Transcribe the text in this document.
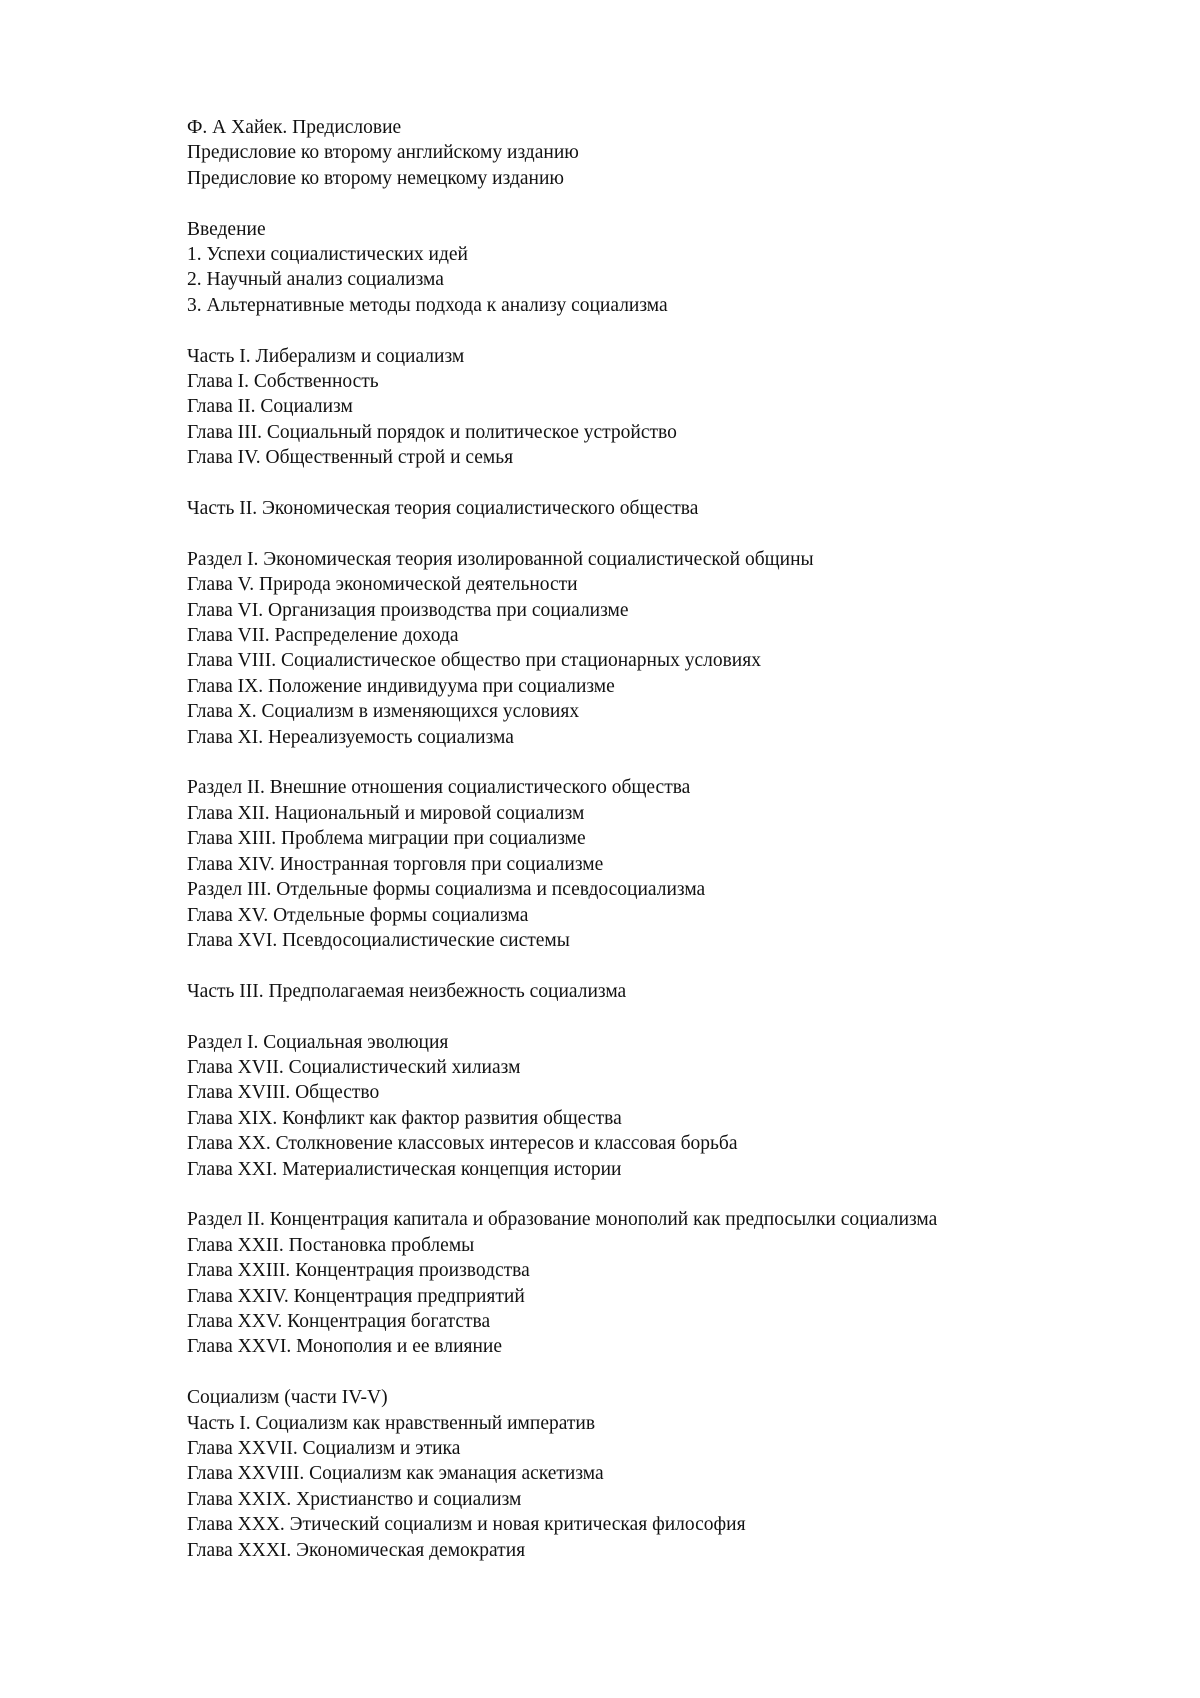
Ф. А Хайек. Предисловие
Предисловие ко второму английскому изданию
Предисловие ко второму немецкому изданию
Введение
1. Успехи социалистических идей
2. Научный анализ социализма
3. Альтернативные методы подхода к анализу социализма
Часть I. Либерализм и социализм
Глава I. Собственность
Глава II. Социализм
Глава III. Социальный порядок и политическое устройство
Глава IV. Общественный строй и семья
Часть II. Экономическая теория социалистического общества
Раздел I. Экономическая теория изолированной социалистической общины
Глава V. Природа экономической деятельности
Глава VI. Организация производства при социализме
Глава VII. Распределение дохода
Глава VIII. Социалистическое общество при стационарных условиях
Глава IX. Положение индивидуума при социализме
Глава X. Социализм в изменяющихся условиях
Глава XI. Нереализуемость социализма
Раздел II. Внешние отношения социалистического общества
Глава XII. Национальный и мировой социализм
Глава XIII. Проблема миграции при социализме
Глава XIV. Иностранная торговля при социализме
Раздел III. Отдельные формы социализма и псевдосоциализма
Глава XV. Отдельные формы социализма
Глава XVI. Псевдосоциалистические системы
Часть III. Предполагаемая неизбежность социализма
Раздел I. Социальная эволюция
Глава XVII. Социалистический хилиазм
Глава XVIII. Общество
Глава XIX. Конфликт как фактор развития общества
Глава XX. Столкновение классовых интересов и классовая борьба
Глава XXI. Материалистическая концепция истории
Раздел II. Концентрация капитала и образование монополий как предпосылки социализма
Глава XXII. Постановка проблемы
Глава XXIII. Концентрация производства
Глава XXIV. Концентрация предприятий
Глава XXV. Концентрация богатства
Глава XXVI. Монополия и ее влияние
Социализм (части IV-V)
Часть I. Социализм как нравственный императив
Глава XXVII. Социализм и этика
Глава XXVIII. Социализм как эманация аскетизма
Глава XXIX. Христианство и социализм
Глава XXX. Этический социализм и новая критическая философия
Глава XXXI. Экономическая демократия
